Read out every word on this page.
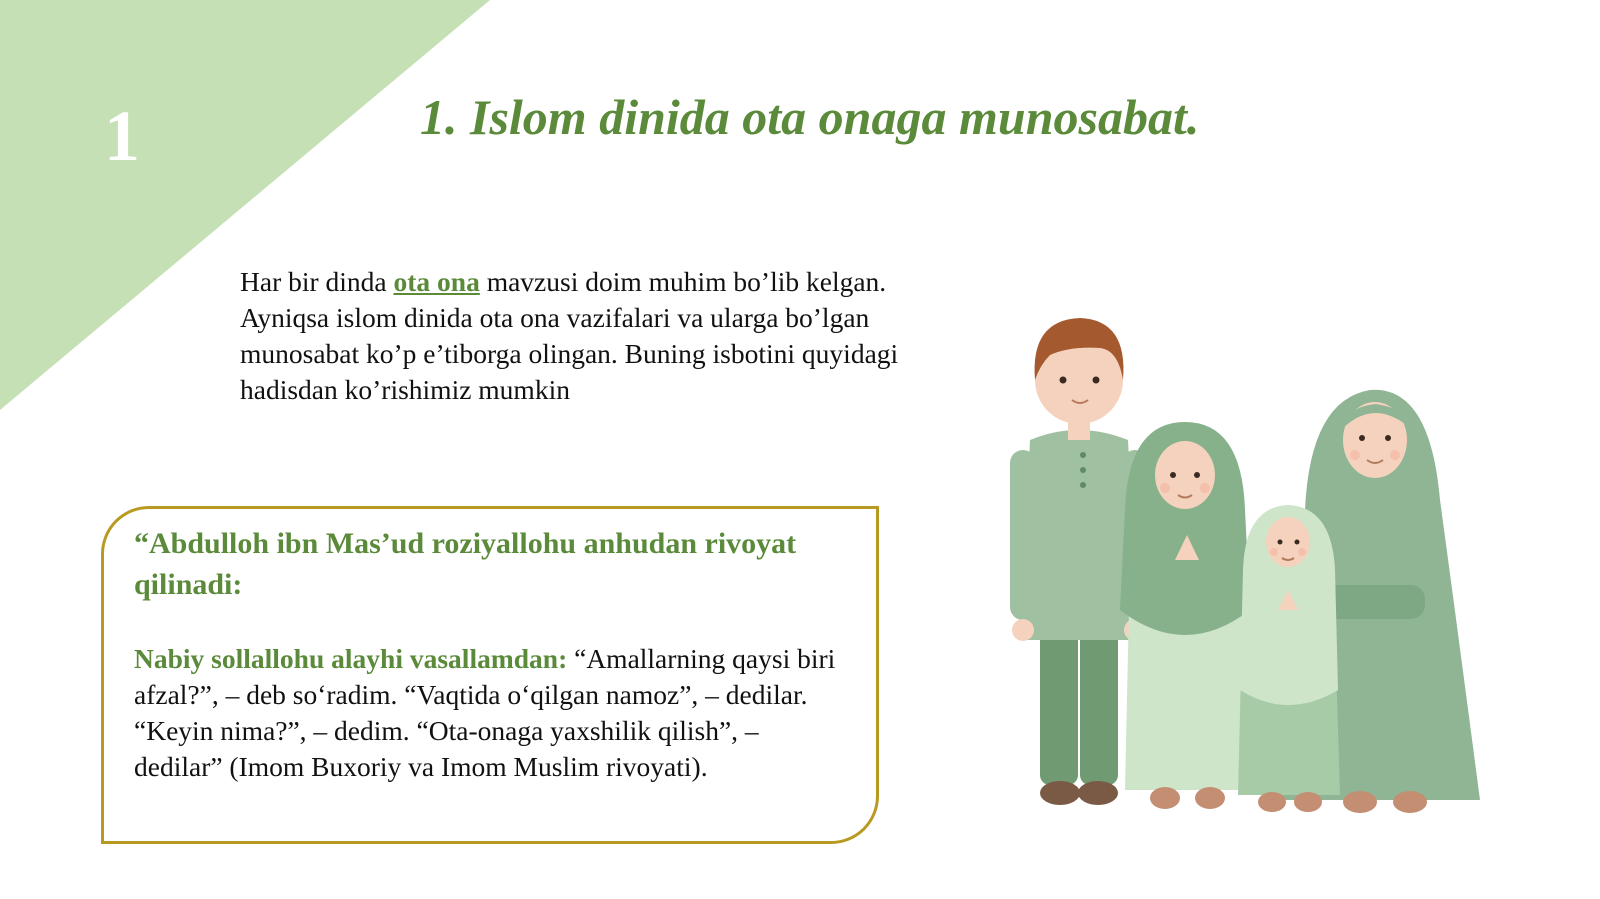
1	1. Islom dinida ota onaga munosabat.
Har bir dinda ota ona mavzusi doim muhim bo’lib kelgan. Ayniqsa islom dinida ota ona vazifalari va ularga bo’lgan munosabat ko’p e’tiborga olingan. Buning isbotini quyidagi hadisdan ko’rishimiz mumkin
“Abdulloh ibn Mas’ud roziyallohu anhudan rivoyat qilinadi:
Nabiy sollallohu alayhi vasallamdan: “Amallarning qaysi biri afzal?”, – deb so‘radim. “Vaqtida o‘qilgan namoz”, – dedilar. “Keyin nima?”, – dedim. “Ota-onaga yaxshilik qilish”, – dedilar” (Imom Buxoriy va Imom Muslim rivoyati).
